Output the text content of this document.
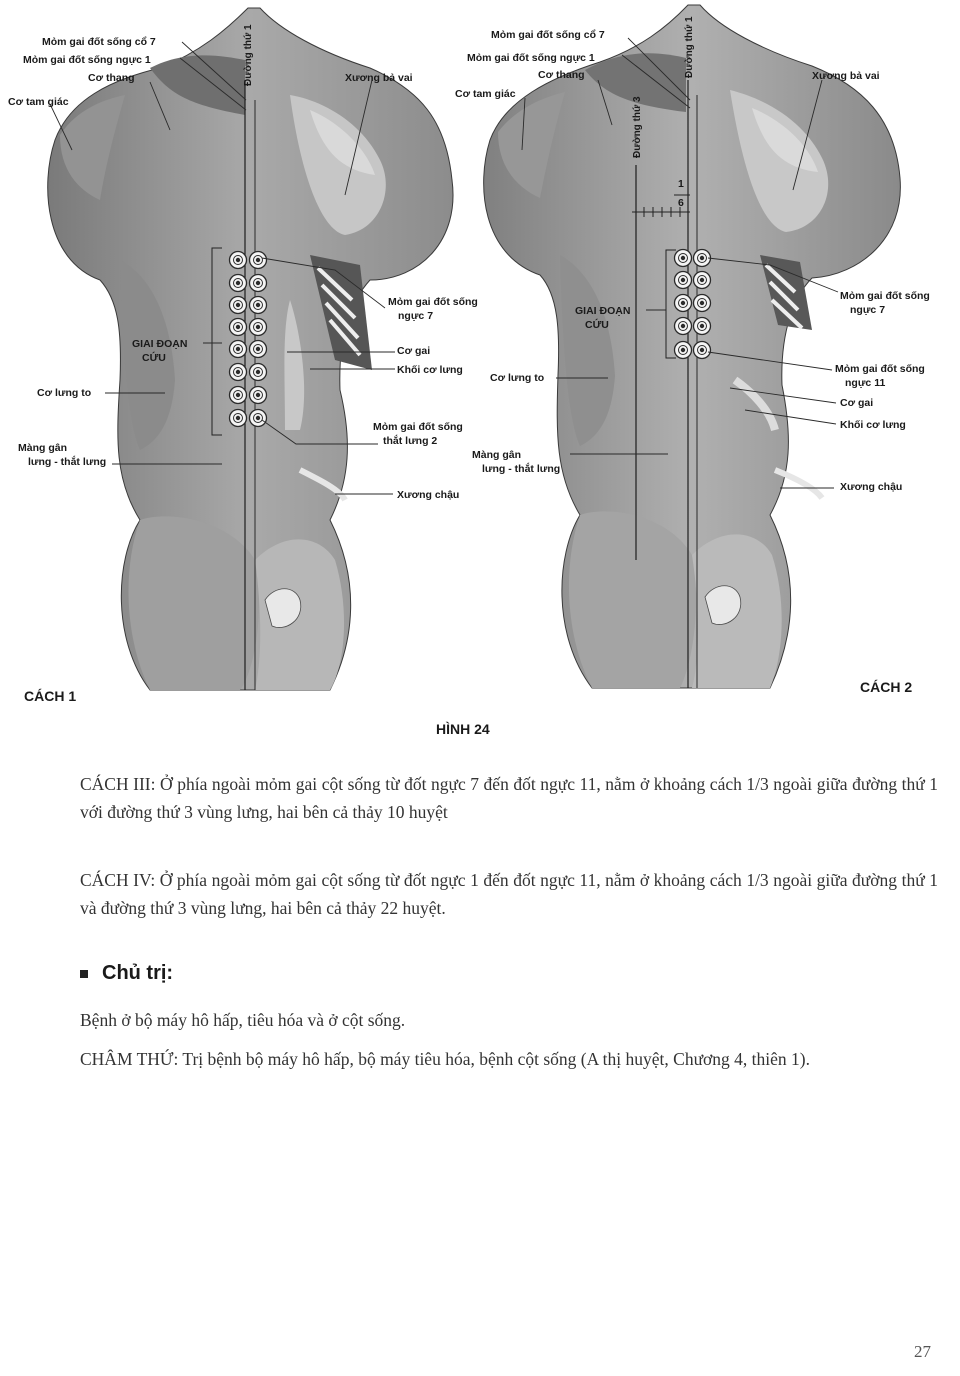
Mỏm gai đốt sống cổ 7
Mỏm gai đốt sống ngực 1
Cơ thang
Cơ tam giác
Đường thứ 1	Xương bả vai
Mỏm gai đốt sống ngực 7
GIAI ĐOẠN CỨU
Cơ gai
Khối cơ lưng
Cơ lưng to
Mỏm gai đốt sống thắt lưng 2
Màng gân lưng - thắt lưng
Xương chậu
CÁCH 1
Mỏm gai đốt sống cổ 7
Mỏm gai đốt sống ngực 1
Cơ thang
Cơ tam giác
Đường thứ 1
Đường thứ 3
Xương bả vai
1
6
GIAI ĐOẠN CỨU
Mỏm gai đốt sống ngực 7
Mỏm gai đốt sống ngực 11
Cơ gai
Khối cơ lưng
Cơ lưng to
Màng gân lưng - thắt lưng
Xương chậu
CÁCH 2
HÌNH 24

CÁCH III: Ở phía ngoài mỏm gai cột sống từ đốt ngực 7 đến đốt ngực 11, nằm ở khoảng cách 1/3 ngoài giữa đường thứ 1 với đường thứ 3 vùng lưng, hai bên cả thảy 10 huyệt

CÁCH IV: Ở phía ngoài mỏm gai cột sống từ đốt ngực 1 đến đốt ngực 11, nằm ở khoảng cách 1/3 ngoài giữa đường thứ 1 và đường thứ 3 vùng lưng, hai bên cả thảy 22 huyệt.

Chủ trị:

Bệnh ở bộ máy hô hấp, tiêu hóa và ở cột sống.

CHÂM THỨ: Trị bệnh bộ máy hô hấp, bộ máy tiêu hóa, bệnh cột sống (A thị huyệt, Chương 4, thiên 1).

27
